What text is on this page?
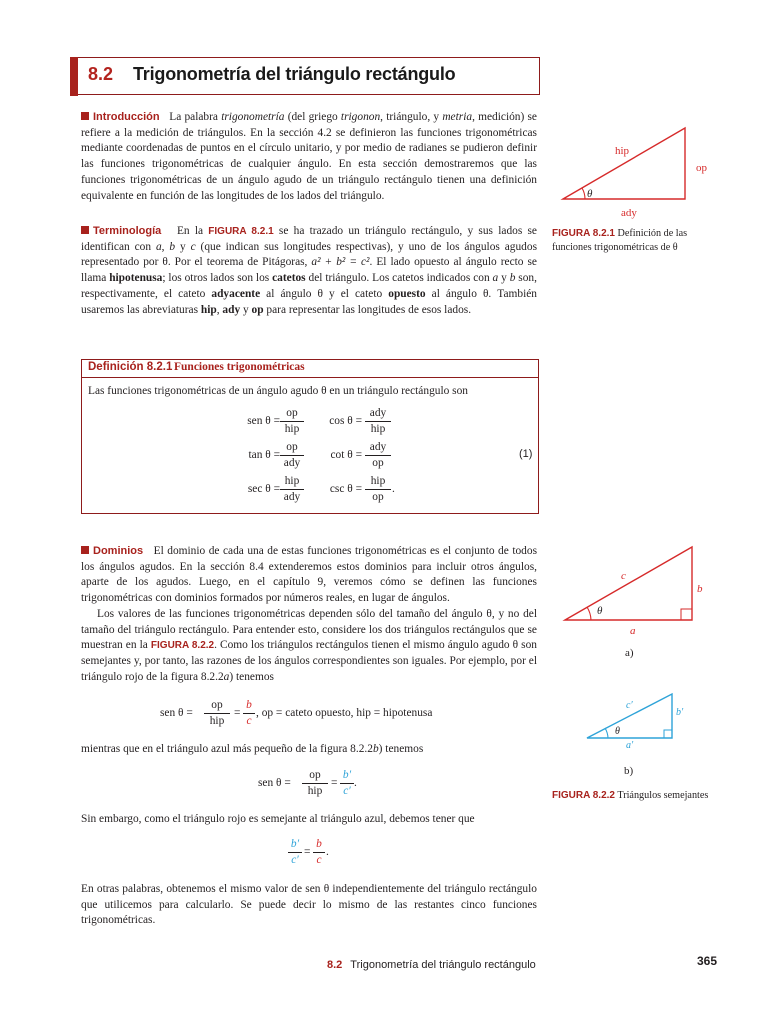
8.2 Trigonometría del triángulo rectángulo
Introducción La palabra trigonometría (del griego trigonon, triángulo, y metria, medición) se refiere a la medición de triángulos. En la sección 4.2 se definieron las funciones trigonométricas mediante coordenadas de puntos en el círculo unitario, y por medio de radianes se pudieron definir las funciones trigonométricas de cualquier ángulo. En esta sección demostraremos que las funciones trigonométricas de un ángulo agudo de un triángulo rectángulo tienen una definición equivalente en función de las longitudes de los lados del triángulo.
Terminología En la FIGURA 8.2.1 se ha trazado un triángulo rectángulo, y sus lados se identifican con a, b y c (que indican sus longitudes respectivas), y uno de los ángulos agudos representado por θ. Por el teorema de Pitágoras, a² + b² = c². El lado opuesto al ángulo recto se llama hipotenusa; los otros lados son los catetos del triángulo. Los catetos indicados con a y b son, respectivamente, el cateto adyacente al ángulo θ y el cateto opuesto al ángulo θ. También usaremos las abreviaturas hip, ady y op para representar las longitudes de esos lados.
θ
hip
op
ady
FIGURA 8.2.1 Definición de las funciones trigonométricas de θ
Definición 8.2.1 Funciones trigonométricas
Las funciones trigonométricas de un ángulo agudo θ en un triángulo rectángulo son
sen θ =
op
hip
cos θ =
ady
hip
tan θ =
op
ady
cot θ =
ady
op
sec θ =
hip
ady
csc θ =
hip
op
.
(1)
Dominios El dominio de cada una de estas funciones trigonométricas es el conjunto de todos los ángulos agudos. En la sección 8.4 extenderemos estos dominios para incluir otros ángulos, aparte de los agudos. Luego, en el capítulo 9, veremos cómo se definen las funciones trigonométricas con dominios formados por números reales, en lugar de ángulos.
Los valores de las funciones trigonométricas dependen sólo del tamaño del ángulo θ, y no del tamaño del triángulo rectángulo. Para entender esto, considere los dos triángulos rectángulos que se muestran en la FIGURA 8.2.2. Como los triángulos rectángulos tienen el mismo ángulo agudo θ son semejantes y, por tanto, las razones de los ángulos correspondientes son iguales. Por ejemplo, por el triángulo rojo de la figura 8.2.2a) tenemos
sen θ =
op
hip
= $\frac{b}{c}$ , op = cateto opuesto, hip = hipotenusa
mientras que en el triángulo azul más pequeño de la figura 8.2.2b) tenemos
sen θ =
op
hip
= $\frac{b'}{c'}$ .
Sin embargo, como el triángulo rojo es semejante al triángulo azul, debemos tener que
$\frac{b'}{c'} = \frac{b}{c}$ .
En otras palabras, obtenemos el mismo valor de sen θ independientemente del triángulo rectángulo que utilicemos para calcularlo. Se puede decir lo mismo de las restantes cinco funciones trigonométricas.
θ
c
b
a
a)
θ
c′
b′
a′
b)
FIGURA 8.2.2 Triángulos semejantes
8.2 Trigonometría del triángulo rectángulo	365
